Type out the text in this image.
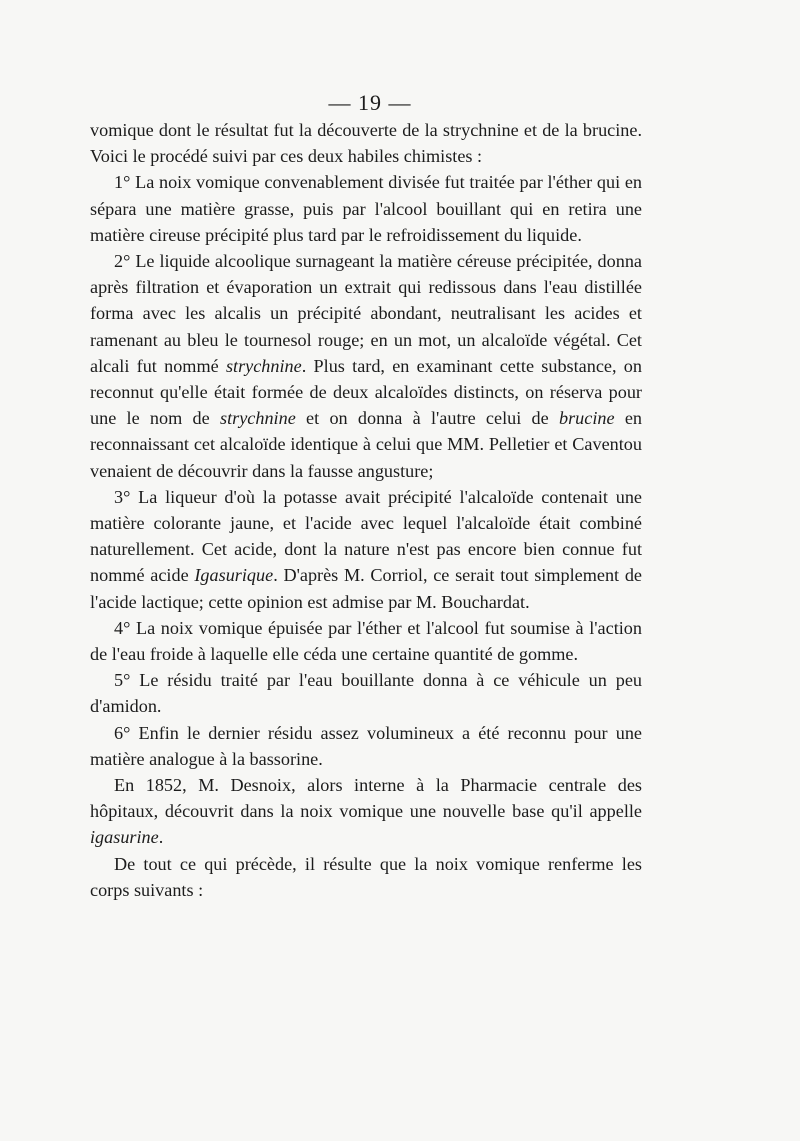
— 19 —

vomique dont le résultat fut la découverte de la strychnine et de la brucine. Voici le procédé suivi par ces deux habiles chimistes :

1° La noix vomique convenablement divisée fut traitée par l'éther qui en sépara une matière grasse, puis par l'alcool bouillant qui en retira une matière cireuse précipité plus tard par le refroidissement du liquide.

2° Le liquide alcoolique surnageant la matière céreuse précipitée, donna après filtration et évaporation un extrait qui redissous dans l'eau distillée forma avec les alcalis un précipité abondant, neutralisant les acides et ramenant au bleu le tournesol rouge; en un mot, un alcaloïde végétal. Cet alcali fut nommé strychnine. Plus tard, en examinant cette substance, on reconnut qu'elle était formée de deux alcaloïdes distincts, on réserva pour une le nom de strychnine et on donna à l'autre celui de brucine en reconnaissant cet alcaloïde identique à celui que MM. Pelletier et Caventou venaient de découvrir dans la fausse angusture;

3° La liqueur d'où la potasse avait précipité l'alcaloïde contenait une matière colorante jaune, et l'acide avec lequel l'alcaloïde était combiné naturellement. Cet acide, dont la nature n'est pas encore bien connue fut nommé acide Igasurique. D'après M. Corriol, ce serait tout simplement de l'acide lactique; cette opinion est admise par M. Bouchardat.

4° La noix vomique épuisée par l'éther et l'alcool fut soumise à l'action de l'eau froide à laquelle elle céda une certaine quantité de gomme.

5° Le résidu traité par l'eau bouillante donna à ce véhicule un peu d'amidon.

6° Enfin le dernier résidu assez volumineux a été reconnu pour une matière analogue à la bassorine.

En 1852, M. Desnoix, alors interne à la Pharmacie centrale des hôpitaux, découvrit dans la noix vomique une nouvelle base qu'il appelle igasurine.

De tout ce qui précède, il résulte que la noix vomique renferme les corps suivants :
